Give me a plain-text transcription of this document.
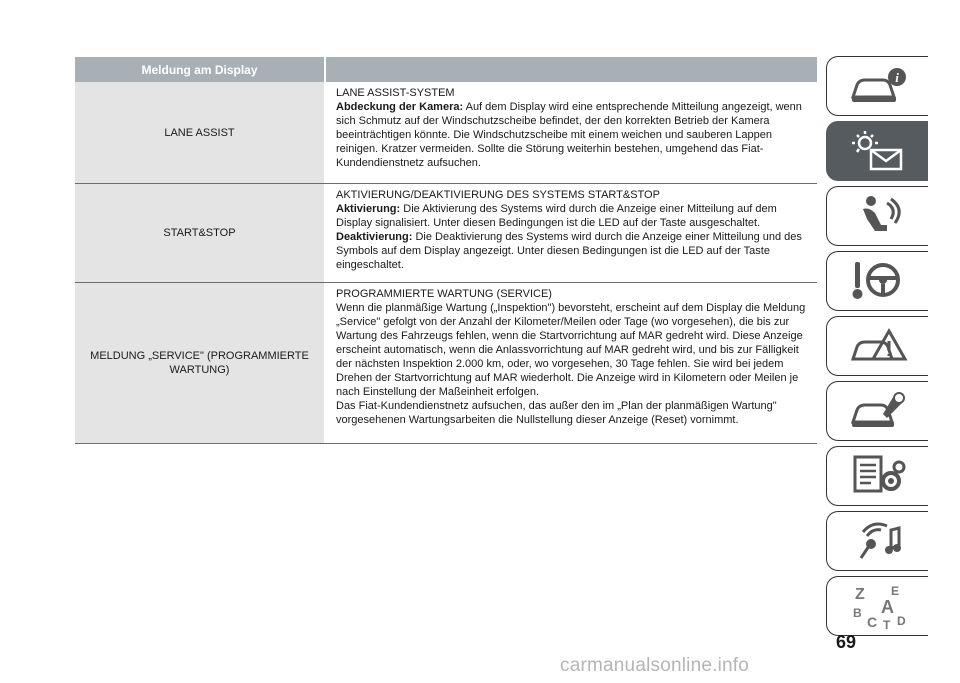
Meldung am Display
LANE ASSIST
LANE ASSIST-SYSTEM
Abdeckung der Kamera: Auf dem Display wird eine entsprechende Mitteilung angezeigt, wenn sich Schmutz auf der Windschutzscheibe befindet, der den korrekten Betrieb der Kamera beeinträchtigen könnte. Die Windschutzscheibe mit einem weichen und sauberen Lappen reinigen. Kratzer vermeiden. Sollte die Störung weiterhin bestehen, umgehend das Fiat-Kundendienstnetz aufsuchen.
START&STOP
AKTIVIERUNG/DEAKTIVIERUNG DES SYSTEMS START&STOP
Aktivierung: Die Aktivierung des Systems wird durch die Anzeige einer Mitteilung auf dem Display signalisiert. Unter diesen Bedingungen ist die LED auf der Taste ausgeschaltet.
Deaktivierung: Die Deaktivierung des Systems wird durch die Anzeige einer Mitteilung und des Symbols auf dem Display angezeigt. Unter diesen Bedingungen ist die LED auf der Taste eingeschaltet.
MELDUNG „SERVICE" (PROGRAMMIERTE WARTUNG)
PROGRAMMIERTE WARTUNG (SERVICE)
Wenn die planmäßige Wartung („Inspektion") bevorsteht, erscheint auf dem Display die Meldung „Service" gefolgt von der Anzahl der Kilometer/Meilen oder Tage (wo vorgesehen), die bis zur Wartung des Fahrzeugs fehlen, wenn die Startvorrichtung auf MAR gedreht wird. Diese Anzeige erscheint automatisch, wenn die Anlassvorrichtung auf MAR gedreht wird, und bis zur Fälligkeit der nächsten Inspektion 2.000 km, oder, wo vorgesehen, 30 Tage fehlen. Sie wird bei jedem Drehen der Startvorrichtung auf MAR wiederholt. Die Anzeige wird in Kilometern oder Meilen je nach Einstellung der Maßeinheit erfolgen.
Das Fiat-Kundendienstnetz aufsuchen, das außer den im „Plan der planmäßigen Wartung" vorgesehenen Wartungsarbeiten die Nullstellung dieser Anzeige (Reset) vornimmt.
i
Z E
A
B
C D
T
69
carmanualsonline.info
